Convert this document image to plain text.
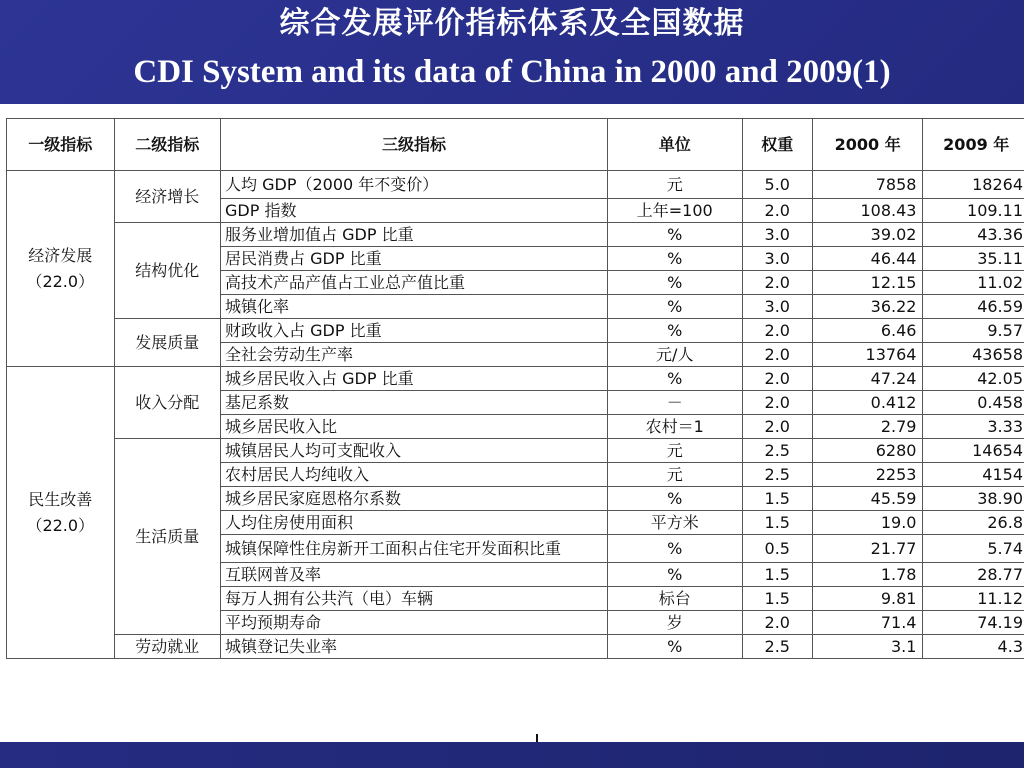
综合发展评价指标体系及全国数据
CDI System and its data of China in 2000 and 2009(1)
一级指标	二级指标	三级指标	单位	权重	2000 年	2009 年
经济发展
（22.0）	经济增长	人均 GDP（2000 年不变价）	元	5.0	7858	18264
		GDP 指数	上年=100	2.0	108.43	109.11
	结构优化	服务业增加值占 GDP 比重	%	3.0	39.02	43.36
		居民消费占 GDP 比重	%	3.0	46.44	35.11
		高技术产品产值占工业总产值比重	%	2.0	12.15	11.02
		城镇化率	%	3.0	36.22	46.59
	发展质量	财政收入占 GDP 比重	%	2.0	6.46	9.57
		全社会劳动生产率	元/人	2.0	13764	43658
民生改善
（22.0）	收入分配	城乡居民收入占 GDP 比重	%	2.0	47.24	42.05
		基尼系数	－	2.0	0.412	0.458
		城乡居民收入比	农村＝1	2.0	2.79	3.33
	生活质量	城镇居民人均可支配收入	元	2.5	6280	14654
		农村居民人均纯收入	元	2.5	2253	4154
		城乡居民家庭恩格尔系数	%	1.5	45.59	38.90
		人均住房使用面积	平方米	1.5	19.0	26.8
		城镇保障性住房新开工面积占住宅开发面积比重	%	0.5	21.77	5.74
		互联网普及率	%	1.5	1.78	28.77
		每万人拥有公共汽（电）车辆	标台	1.5	9.81	11.12
		平均预期寿命	岁	2.0	71.4	74.19
	劳动就业	城镇登记失业率	%	2.5	3.1	4.3
